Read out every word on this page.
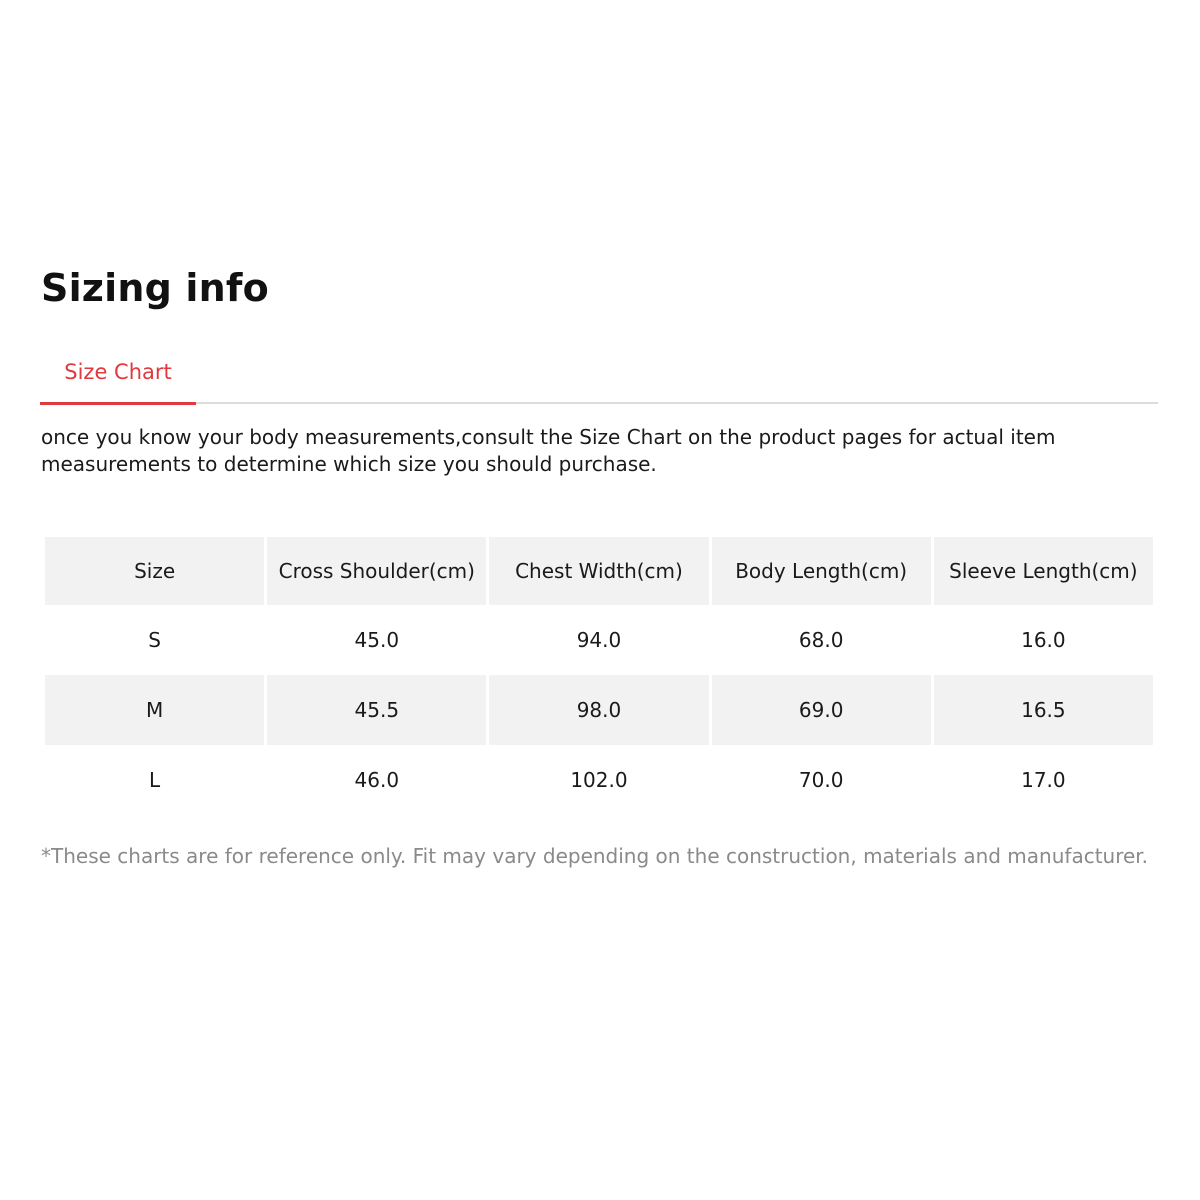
Sizing info
Size Chart

once you know your body measurements,consult the Size Chart on the product pages for actual item measurements to determine which size you should purchase.

Size	Cross Shoulder(cm)	Chest Width(cm)	Body Length(cm)	Sleeve Length(cm)
S	45.0	94.0	68.0	16.0
M	45.5	98.0	69.0	16.5
L	46.0	102.0	70.0	17.0

*These charts are for reference only. Fit may vary depending on the construction, materials and manufacturer.
